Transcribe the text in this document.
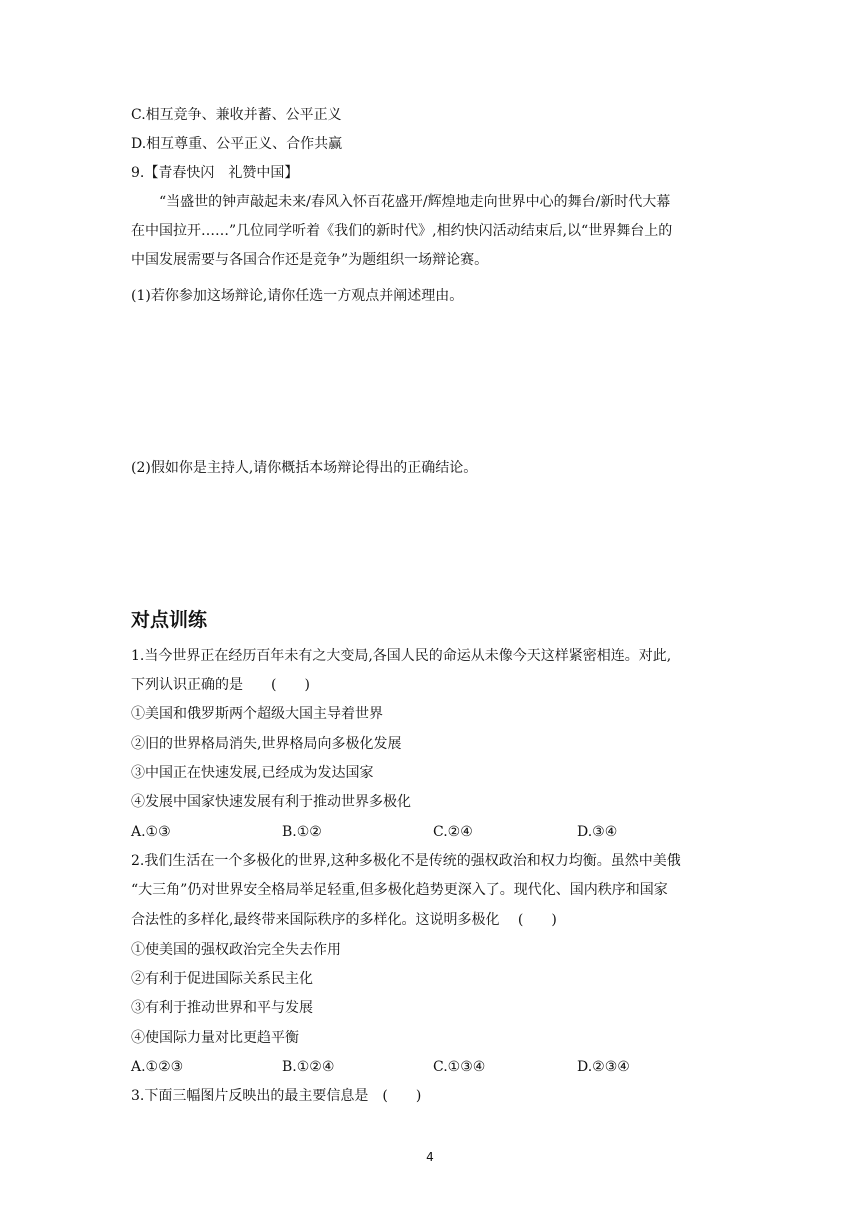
C.相互竞争、兼收并蓄、公平正义
D.相互尊重、公平正义、合作共赢
9.【青春快闪　礼赞中国】
“当盛世的钟声敲起未来/春风入怀百花盛开/辉煌地走向世界中心的舞台/新时代大幕
在中国拉开……”几位同学听着《我们的新时代》,相约快闪活动结束后,以“世界舞台上的
中国发展需要与各国合作还是竞争”为题组织一场辩论赛。
(1)若你参加这场辩论,请你任选一方观点并阐述理由。
(2)假如你是主持人,请你概括本场辩论得出的正确结论。
对点训练
1.当今世界正在经历百年未有之大变局,各国人民的命运从未像今天这样紧密相连。对此,
下列认识正确的是　　(　　)
①美国和俄罗斯两个超级大国主导着世界
②旧的世界格局消失,世界格局向多极化发展
③中国正在快速发展,已经成为发达国家
④发展中国家快速发展有利于推动世界多极化
A.①③	B.①②	C.②④	D.③④
2.我们生活在一个多极化的世界,这种多极化不是传统的强权政治和权力均衡。虽然中美俄
“大三角”仍对世界安全格局举足轻重,但多极化趋势更深入了。现代化、国内秩序和国家
合法性的多样化,最终带来国际秩序的多样化。这说明多极化　 (　　)
①使美国的强权政治完全失去作用
②有利于促进国际关系民主化
③有利于推动世界和平与发展
④使国际力量对比更趋平衡
A.①②③	B.①②④	C.①③④	D.②③④
3.下面三幅图片反映出的最主要信息是　(　　)
4
